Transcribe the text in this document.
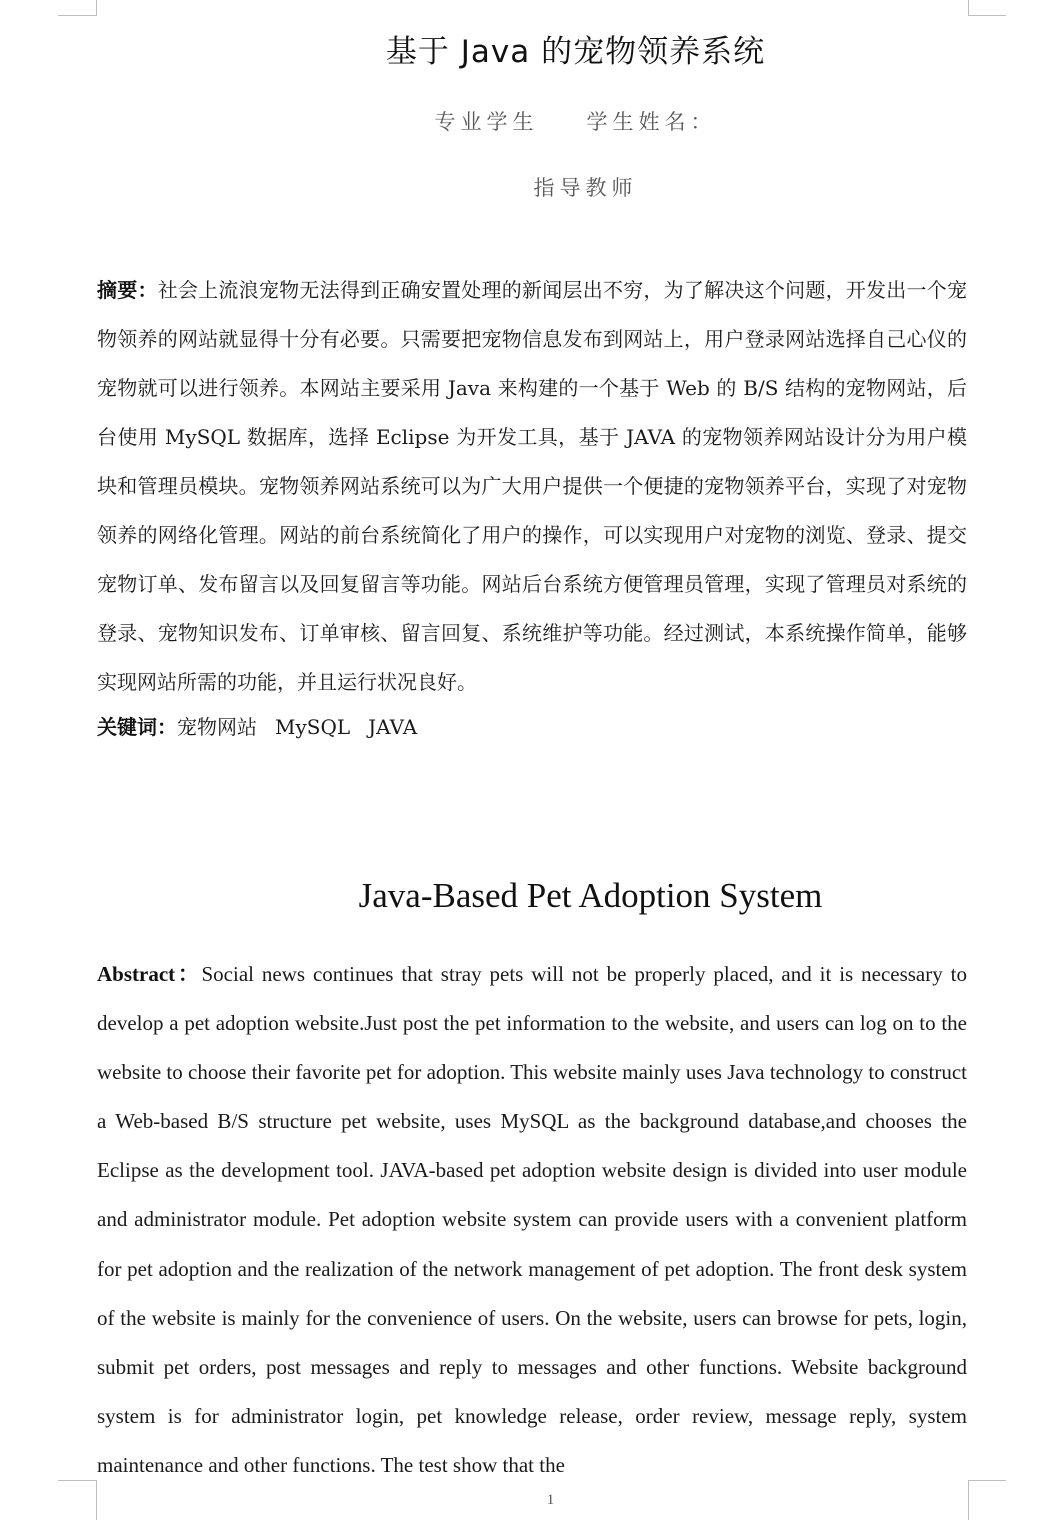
基于 Java 的宠物领养系统
专业学生 学生姓名：
指导教师
摘要：社会上流浪宠物无法得到正确安置处理的新闻层出不穷，为了解决这个问题，开发出一个宠物领养的网站就显得十分有必要。只需要把宠物信息发布到网站上，用户登录网站选择自己心仪的宠物就可以进行领养。本网站主要采用 Java 来构建的一个基于 Web 的 B/S 结构的宠物网站，后台使用 MySQL 数据库，选择 Eclipse 为开发工具，基于 JAVA 的宠物领养网站设计分为用户模块和管理员模块。宠物领养网站系统可以为广大用户提供一个便捷的宠物领养平台，实现了对宠物领养的网络化管理。网站的前台系统简化了用户的操作，可以实现用户对宠物的浏览、登录、提交宠物订单、发布留言以及回复留言等功能。网站后台系统方便管理员管理，实现了管理员对系统的登录、宠物知识发布、订单审核、留言回复、系统维护等功能。经过测试，本系统操作简单，能够实现网站所需的功能，并且运行状况良好。
关键词：宠物网站 MySQL JAVA
Java-Based Pet Adoption System
Abstract：Social news continues that stray pets will not be properly placed, and it is necessary to develop a pet adoption website.Just post the pet information to the website, and users can log on to the website to choose their favorite pet for adoption. This website mainly uses Java technology to construct a Web-based B/S structure pet website, uses MySQL as the background database,and chooses the Eclipse as the development tool. JAVA-based pet adoption website design is divided into user module and administrator module. Pet adoption website system can provide users with a convenient platform for pet adoption and the realization of the network management of pet adoption. The front desk system of the website is mainly for the convenience of users. On the website, users can browse for pets, login, submit pet orders, post messages and reply to messages and other functions. Website background system is for administrator login, pet knowledge release, order review, message reply, system maintenance and other functions. The test show that the
1
